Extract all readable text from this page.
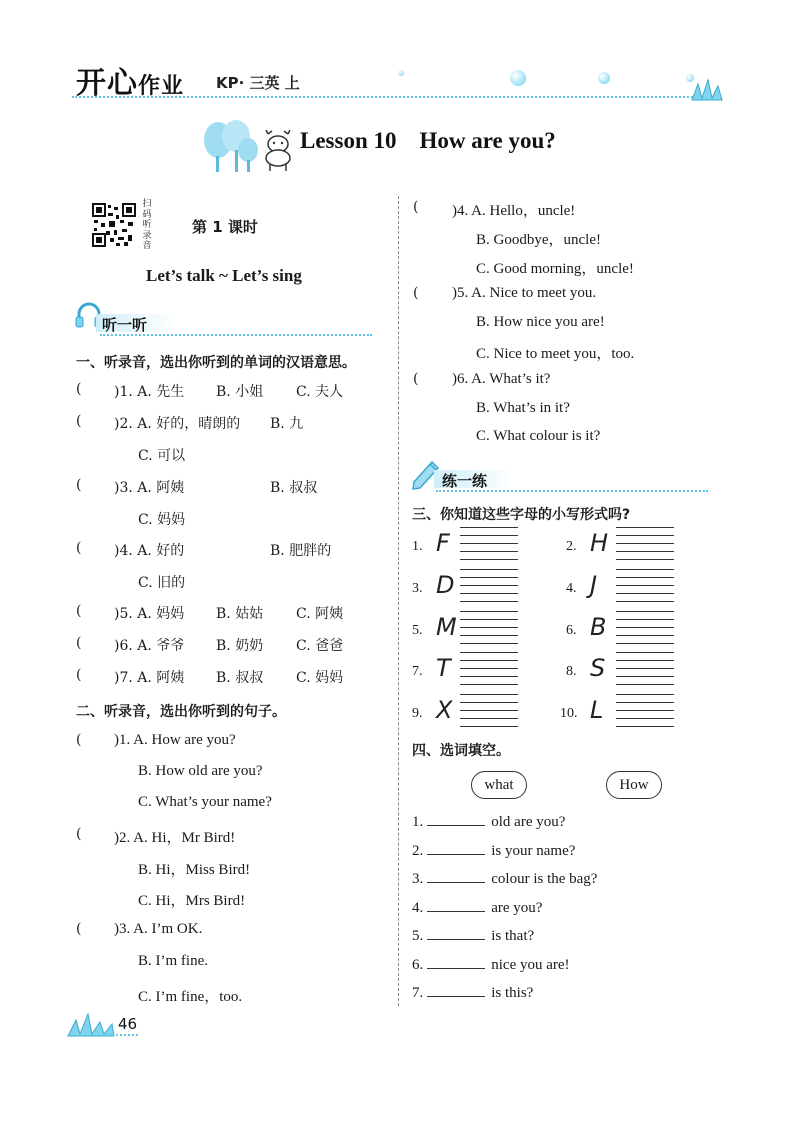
开心作业 KP· 三英 上
Lesson 10    How are you?
扫
码
听
录
音
第 1 课时
Let’s talk ~ Let’s sing
听一听
一、听录音，选出你听到的单词的汉语意思。
( )1. A. 先生 B. 小姐 C. 夫人
( )2. A. 好的，晴朗的 B. 九
C. 可以
( )3. A. 阿姨	B. 叔叔
C. 妈妈
( )4. A. 好的	B. 肥胖的
C. 旧的
( )5. A. 妈妈 B. 姑姑 C. 阿姨
( )6. A. 爷爷 B. 奶奶 C. 爸爸
( )7. A. 阿姨 B. 叔叔 C. 妈妈
二、听录音，选出你听到的句子。
( )1. A. How are you?
B. How old are you?
C. What’s your name?
( )2. A. Hi，Mr Bird!
B. Hi，Miss Bird!
C. Hi，Mrs Bird!
( )3. A. I’m OK.
B. I’m fine.
C. I’m fine，too.
( )4. A. Hello，uncle!
B. Goodbye，uncle!
C. Good morning，uncle!
( )5. A. Nice to meet you.
B. How nice you are!
C. Nice to meet you，too.
( )6. A. What’s it?
B. What’s in it?
C. What colour is it?
练一练
三、你知道这些字母的小写形式吗?
1. F	2. H
3. D	4. J
5. M	6. B
7. T	8. S
9. X	10. L
四、选词填空。
what	How
1.	old are you?
2.	is your name?
3.	colour is the bag?
4.	are you?
5.	is that?
6.	nice you are!
7.	is this?
46
